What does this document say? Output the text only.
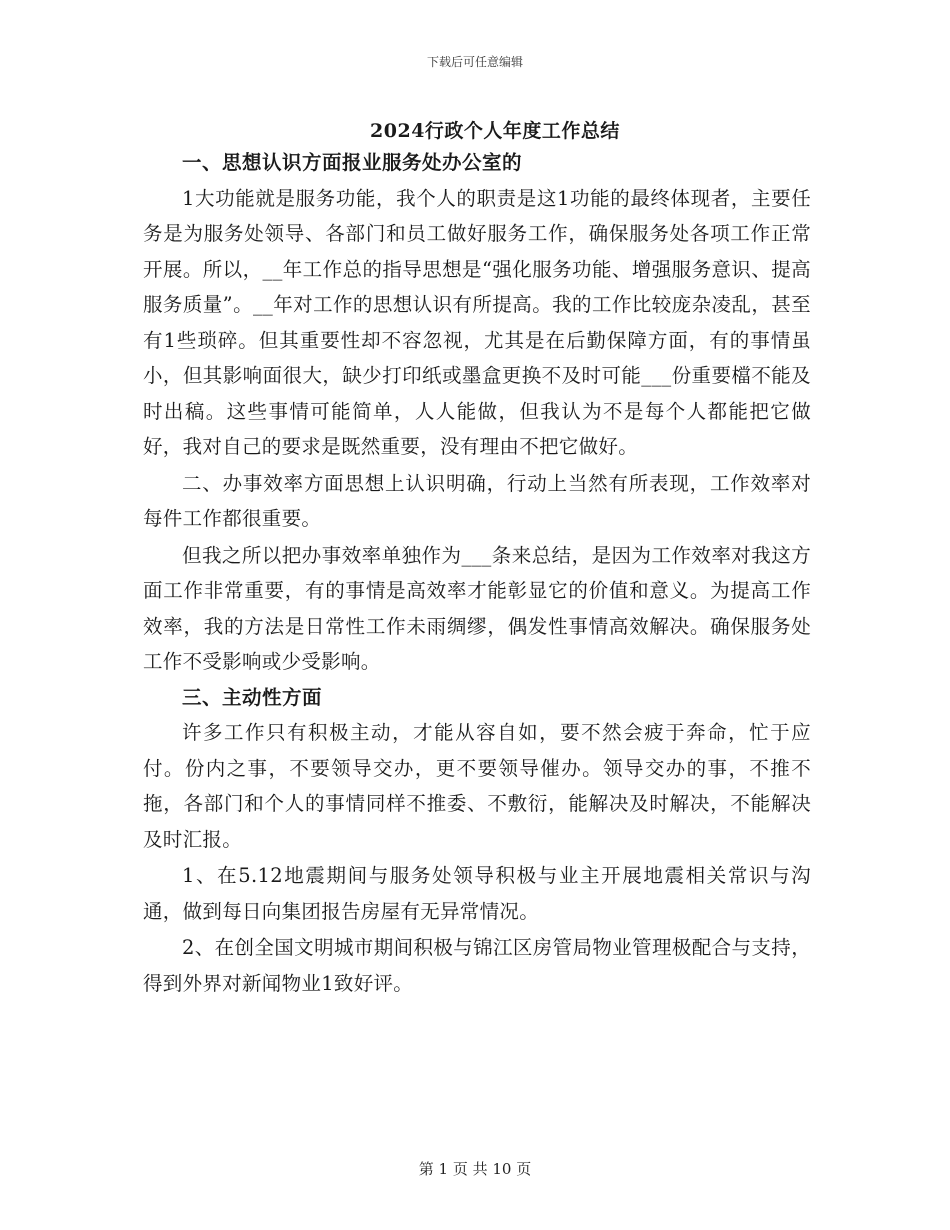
下载后可任意编辑
2024行政个人年度工作总结
一、思想认识方面报业服务处办公室的

1大功能就是服务功能，我个人的职责是这1功能的最终体现者，主要任务是为服务处领导、各部门和员工做好服务工作，确保服务处各项工作正常开展。所以，__年工作总的指导思想是“强化服务功能、增强服务意识、提高服务质量”。__年对工作的思想认识有所提高。我的工作比较庞杂凌乱，甚至有1些琐碎。但其重要性却不容忽视，尤其是在后勤保障方面，有的事情虽小，但其影响面很大，缺少打印纸或墨盒更换不及时可能___份重要檔不能及时出稿。这些事情可能简单，人人能做，但我认为不是每个人都能把它做好，我对自己的要求是既然重要，没有理由不把它做好。

二、办事效率方面思想上认识明确，行动上当然有所表现，工作效率对每件工作都很重要。

但我之所以把办事效率单独作为___条来总结，是因为工作效率对我这方面工作非常重要，有的事情是高效率才能彰显它的价值和意义。为提高工作效率，我的方法是日常性工作未雨绸缪，偶发性事情高效解决。确保服务处工作不受影响或少受影响。

三、主动性方面

许多工作只有积极主动，才能从容自如，要不然会疲于奔命，忙于应付。份内之事，不要领导交办，更不要领导催办。领导交办的事，不推不拖，各部门和个人的事情同样不推委、不敷衍，能解决及时解决，不能解决及时汇报。

1、在5.12地震期间与服务处领导积极与业主开展地震相关常识与沟通，做到每日向集团报告房屋有无异常情况。

2、在创全国文明城市期间积极与锦江区房管局物业管理极配合与支持，得到外界对新闻物业1致好评。

第 1 页 共 10 页
